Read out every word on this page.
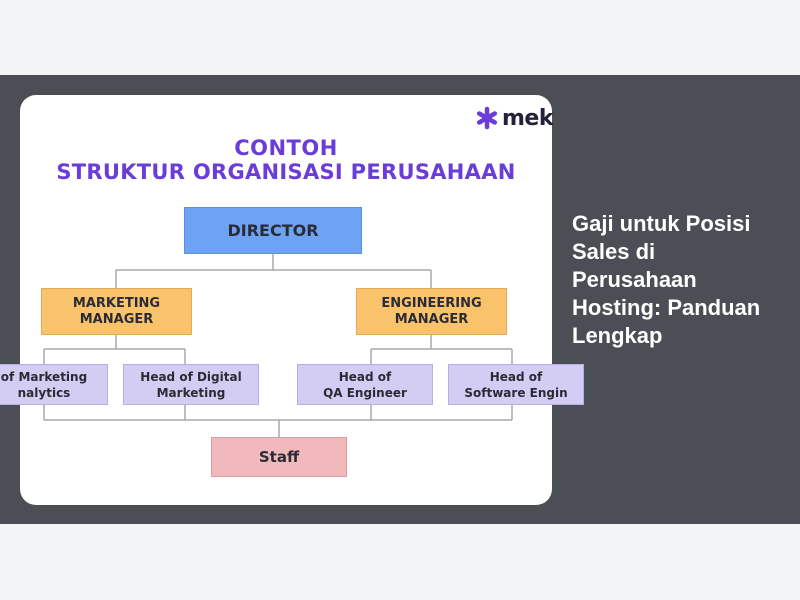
mek
CONTOH
STRUKTUR ORGANISASI PERUSAHAAN
DIRECTOR
MARKETING
MANAGER
ENGINEERING
MANAGER
of Marketing
nalytics
Head of Digital
Marketing
Head of
QA Engineer
Head of
Software Engin
Staff
Gaji untuk Posisi Sales di Perusahaan Hosting: Panduan Lengkap
